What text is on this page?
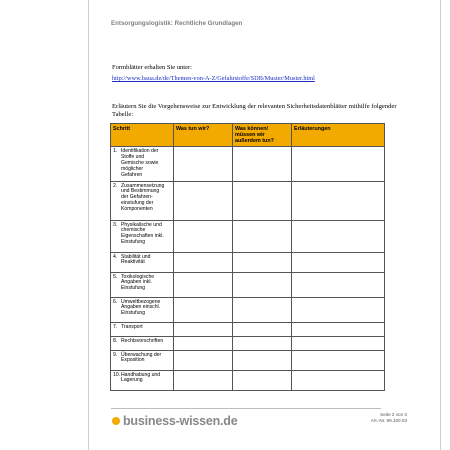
Entsorgungslogistik: Rechtliche Grundlagen
Formblätter erhalten Sie unter:
http://www.baua.de/de/Themen-von-A-Z/Gefahrstoffe/SDB/Muster/Muster.html
Erläutern Sie die Vorgehensweise zur Entwicklung der relevanten Sicherheitsdatenblätter mithilfe folgender Tabelle:
Schritt	Was tun wir?	Was können/ müssen wir außerdem tun?	Erläuterungen
1. Identifikation der Stoffe und Gemische sowie möglicher Gefahren			
2. Zusammensetzung und Bestimmung der Gefahren-einstufung der Komponenten			
3. Physikalische und chemische Eigenschaften inkl. Einstufung			
4. Stabilität und Reaktivität			
5. Toxikologische Angaben inkl. Einstufung			
6. Umweltbezogene Angaben einschl. Einstufung			
7. Transport			
8. Rechtsvorschriften			
9. Überwachung der Exposition			
10.Handhabung und Lagerung			
business-wissen.de	Seite 2 von 3
Art.-Nr. 99.100.03
